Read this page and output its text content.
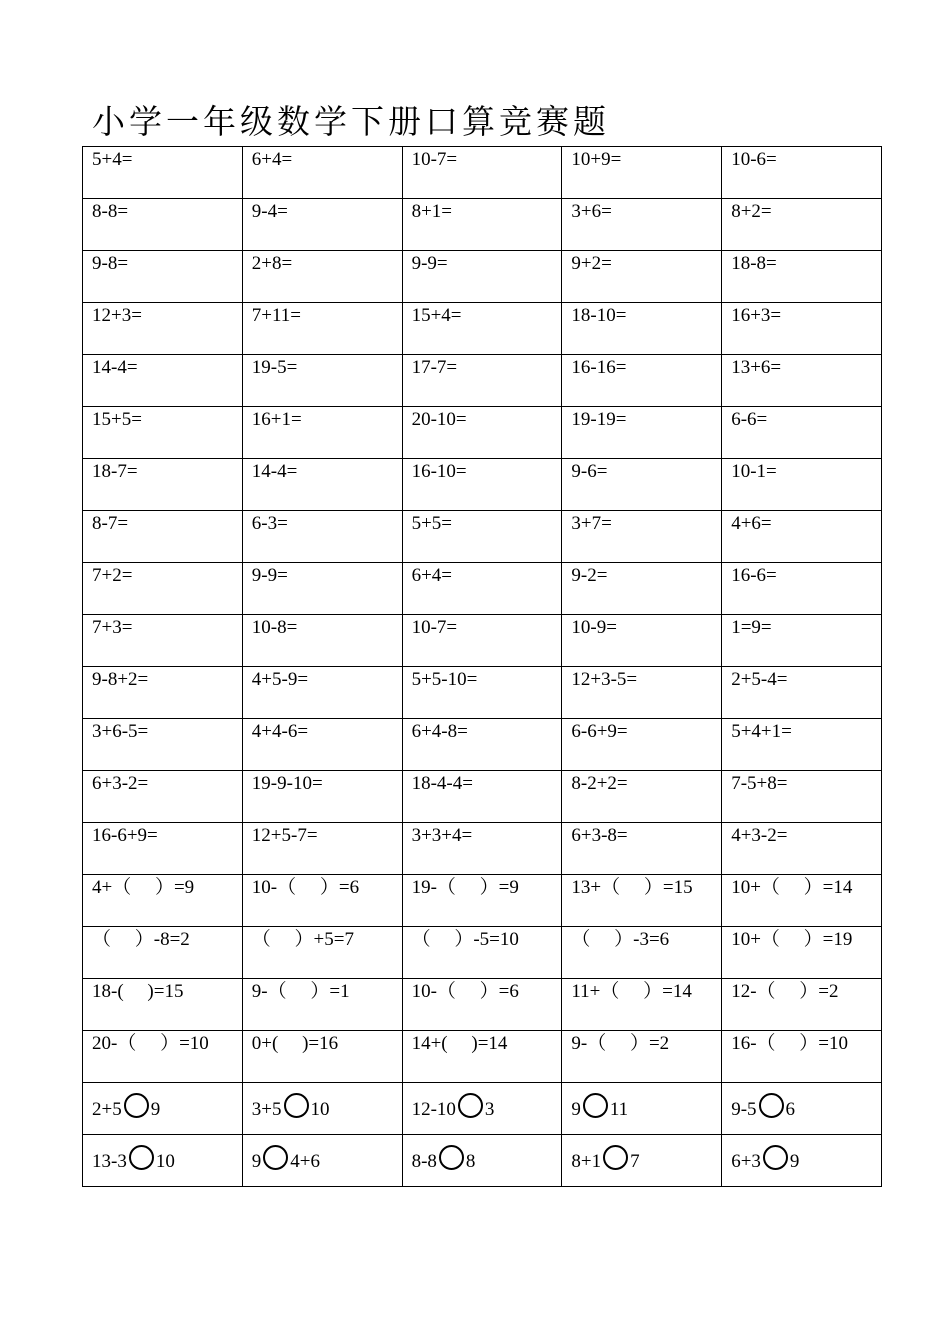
小学一年级数学下册口算竞赛题
5+4=	6+4=	10-7=	10+9=	10-6=
8-8=	9-4=	8+1=	3+6=	8+2=
9-8=	2+8=	9-9=	9+2=	18-8=
12+3=	7+11=	15+4=	18-10=	16+3=
14-4=	19-5=	17-7=	16-16=	13+6=
15+5=	16+1=	20-10=	19-19=	6-6=
18-7=	14-4=	16-10=	9-6=	10-1=
8-7=	6-3=	5+5=	3+7=	4+6=
7+2=	9-9=	6+4=	9-2=	16-6=
7+3=	10-8=	10-7=	10-9=	1=9=
9-8+2=	4+5-9=	5+5-10=	12+3-5=	2+5-4=
3+6-5=	4+4-6=	6+4-8=	6-6+9=	5+4+1=
6+3-2=	19-9-10=	18-4-4=	8-2+2=	7-5+8=
16-6+9=	12+5-7=	3+3+4=	6+3-8=	4+3-2=
4+（　 ）=9	10-（　 ）=6	19-（　 ）=9	13+（　 ）=15	10+（　 ）=14
（　 ）-8=2	（　 ）+5=7	（　 ）-5=10	（　 ）-3=6	10+（　 ）=19
18-(　 )=15	9-（　 ）=1	10-（　 ）=6	11+（　 ）=14	12-（　 ）=2
20-（　 ）=10	0+(　 )=16	14+(　 )=14	9-（　 ）=2	16-（　 ）=10

2+5 9	3+5 10	12-10 3	9 11	9-5 6

13-3 10	9 4+6	8-8 8	8+1 7	6+3 9
